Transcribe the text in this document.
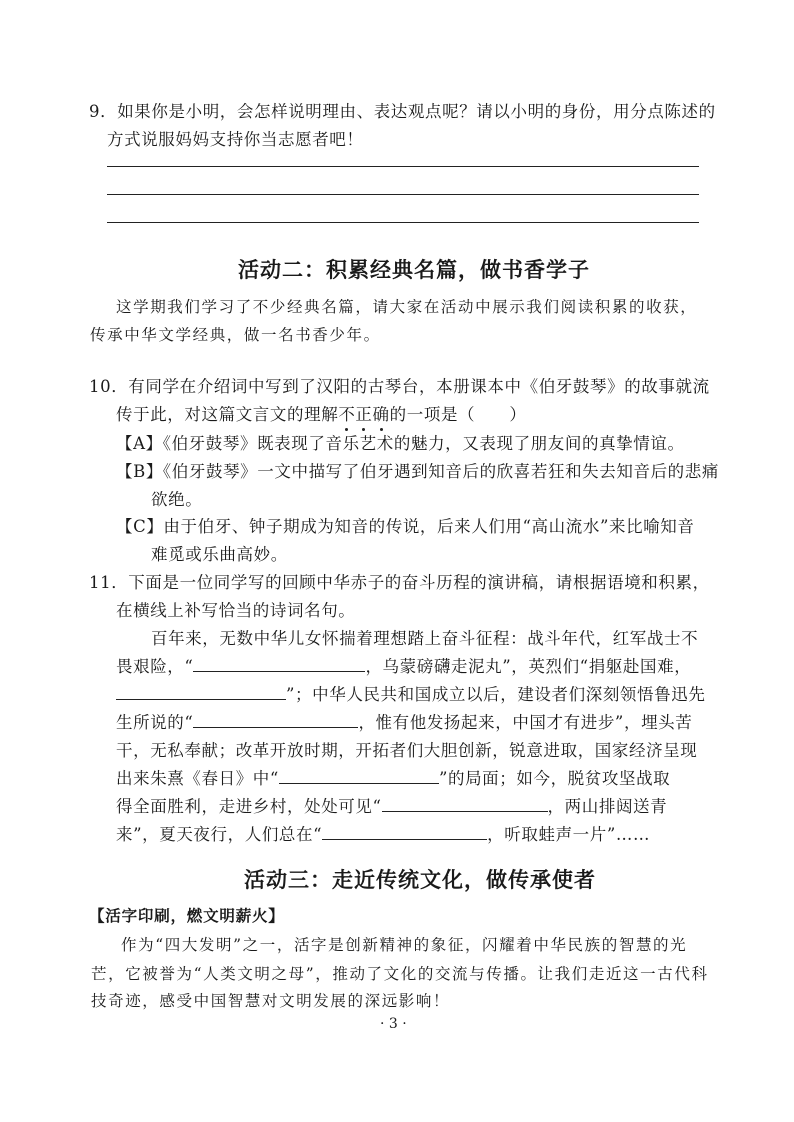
9．如果你是小明，会怎样说明理由、表达观点呢？请以小明的身份，用分点陈述的
方式说服妈妈支持你当志愿者吧！
活动二：积累经典名篇，做书香学子
这学期我们学习了不少经典名篇，请大家在活动中展示我们阅读积累的收获，
传承中华文学经典，做一名书香少年。
10．有同学在介绍词中写到了汉阳的古琴台，本册课本中《伯牙鼓琴》的故事就流
传于此，对这篇文言文的理解不正确的一项是（　　）
【A】《伯牙鼓琴》既表现了音乐艺术的魅力，又表现了朋友间的真挚情谊。
【B】《伯牙鼓琴》一文中描写了伯牙遇到知音后的欣喜若狂和失去知音后的悲痛
欲绝。
【C】由于伯牙、钟子期成为知音的传说，后来人们用“高山流水”来比喻知音
难觅或乐曲高妙。
11．下面是一位同学写的回顾中华赤子的奋斗历程的演讲稿，请根据语境和积累，
在横线上补写恰当的诗词名句。
百年来，无数中华儿女怀揣着理想踏上奋斗征程：战斗年代，红军战士不
畏艰险，“	，乌蒙磅礴走泥丸”，英烈们“捐躯赴国难，
”；中华人民共和国成立以后，建设者们深刻领悟鲁迅先
生所说的“	，惟有他发扬起来，中国才有进步”，埋头苦
干，无私奉献；改革开放时期，开拓者们大胆创新，锐意进取，国家经济呈现
出来朱熹《春日》中“	”的局面；如今，脱贫攻坚战取
得全面胜利，走进乡村，处处可见“	，两山排闼送青
来”，夏天夜行，人们总在“	，听取蛙声一片”……
活动三：走近传统文化，做传承使者
【活字印刷，燃文明薪火】
作为“四大发明”之一，活字是创新精神的象征，闪耀着中华民族的智慧的光
芒，它被誉为“人类文明之母”，推动了文化的交流与传播。让我们走近这一古代科
技奇迹，感受中国智慧对文明发展的深远影响！
· 3 ·
